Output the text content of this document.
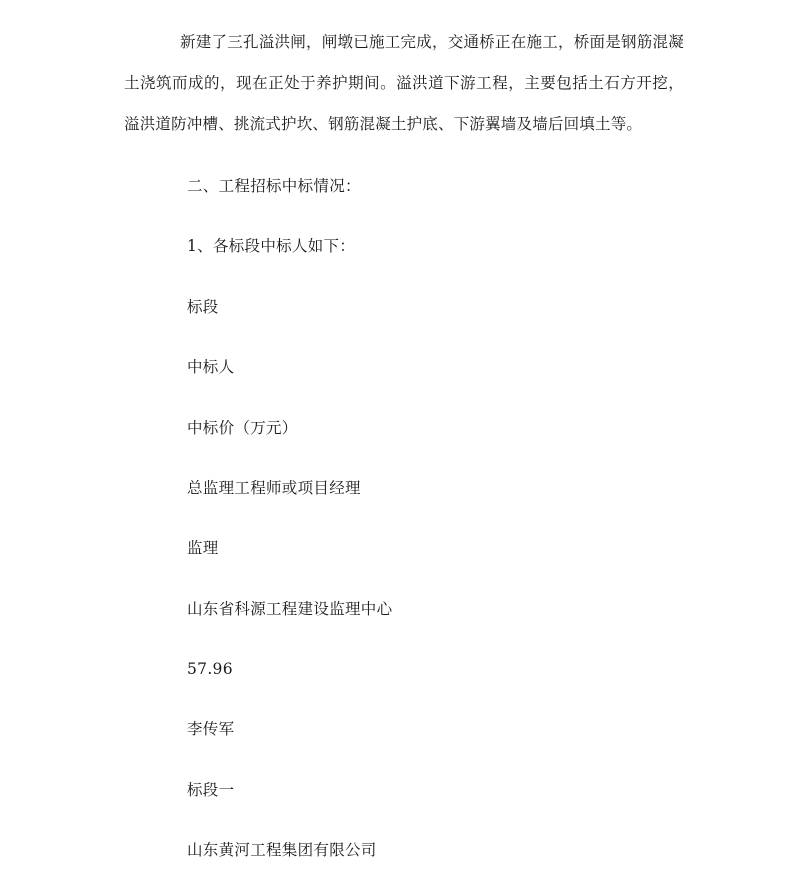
新建了三孔溢洪闸，闸墩已施工完成，交通桥正在施工，桥面是钢筋混凝土浇筑而成的，现在正处于养护期间。溢洪道下游工程，主要包括土石方开挖，溢洪道防冲槽、挑流式护坎、钢筋混凝土护底、下游翼墙及墙后回填土等。

二、工程招标中标情况：

1、各标段中标人如下：

标段

中标人

中标价（万元）

总监理工程师或项目经理

监理

山东省科源工程建设监理中心

57.96

李传军

标段一

山东黄河工程集团有限公司
